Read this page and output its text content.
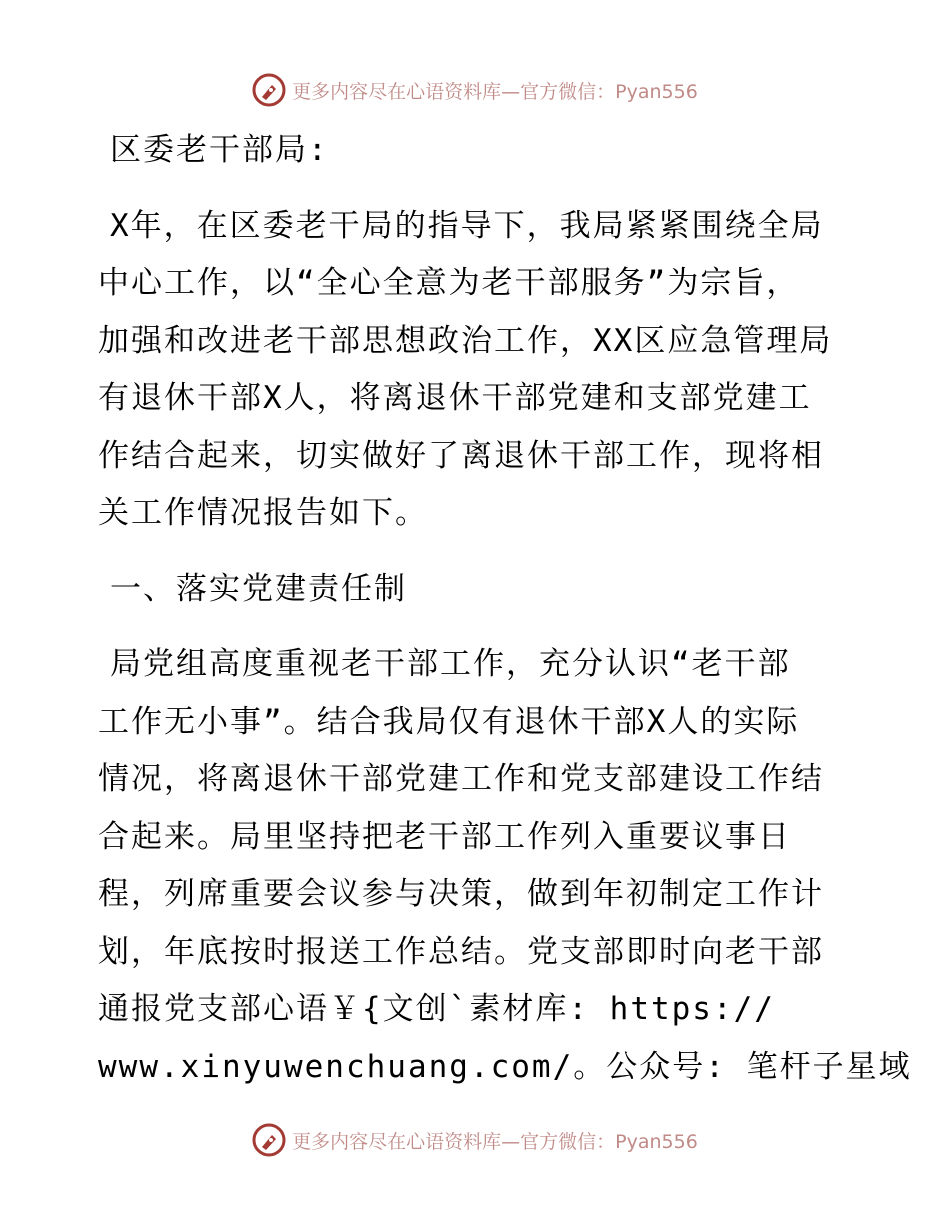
更多内容尽在心语资料库—官方微信：Pyan556
区委老干部局:
X年，在区委老干局的指导下，我局紧紧围绕全局
中心工作，以“全心全意为老干部服务”为宗旨，
加强和改进老干部思想政治工作，XX区应急管理局
有退休干部X人，将离退休干部党建和支部党建工
作结合起来，切实做好了离退休干部工作，现将相
关工作情况报告如下。
一、落实党建责任制
局党组高度重视老干部工作，充分认识“老干部
工作无小事”。结合我局仅有退休干部X人的实际
情况，将离退休干部党建工作和党支部建设工作结
合起来。局里坚持把老干部工作列入重要议事日
程，列席重要会议参与决策，做到年初制定工作计
划，年底按时报送工作总结。党支部即时向老干部
通报党支部心语￥{文创`素材库: https://
www.xinyuwenchuang.com/。公众号: 笔杆子星域
更多内容尽在心语资料库—官方微信：Pyan556
